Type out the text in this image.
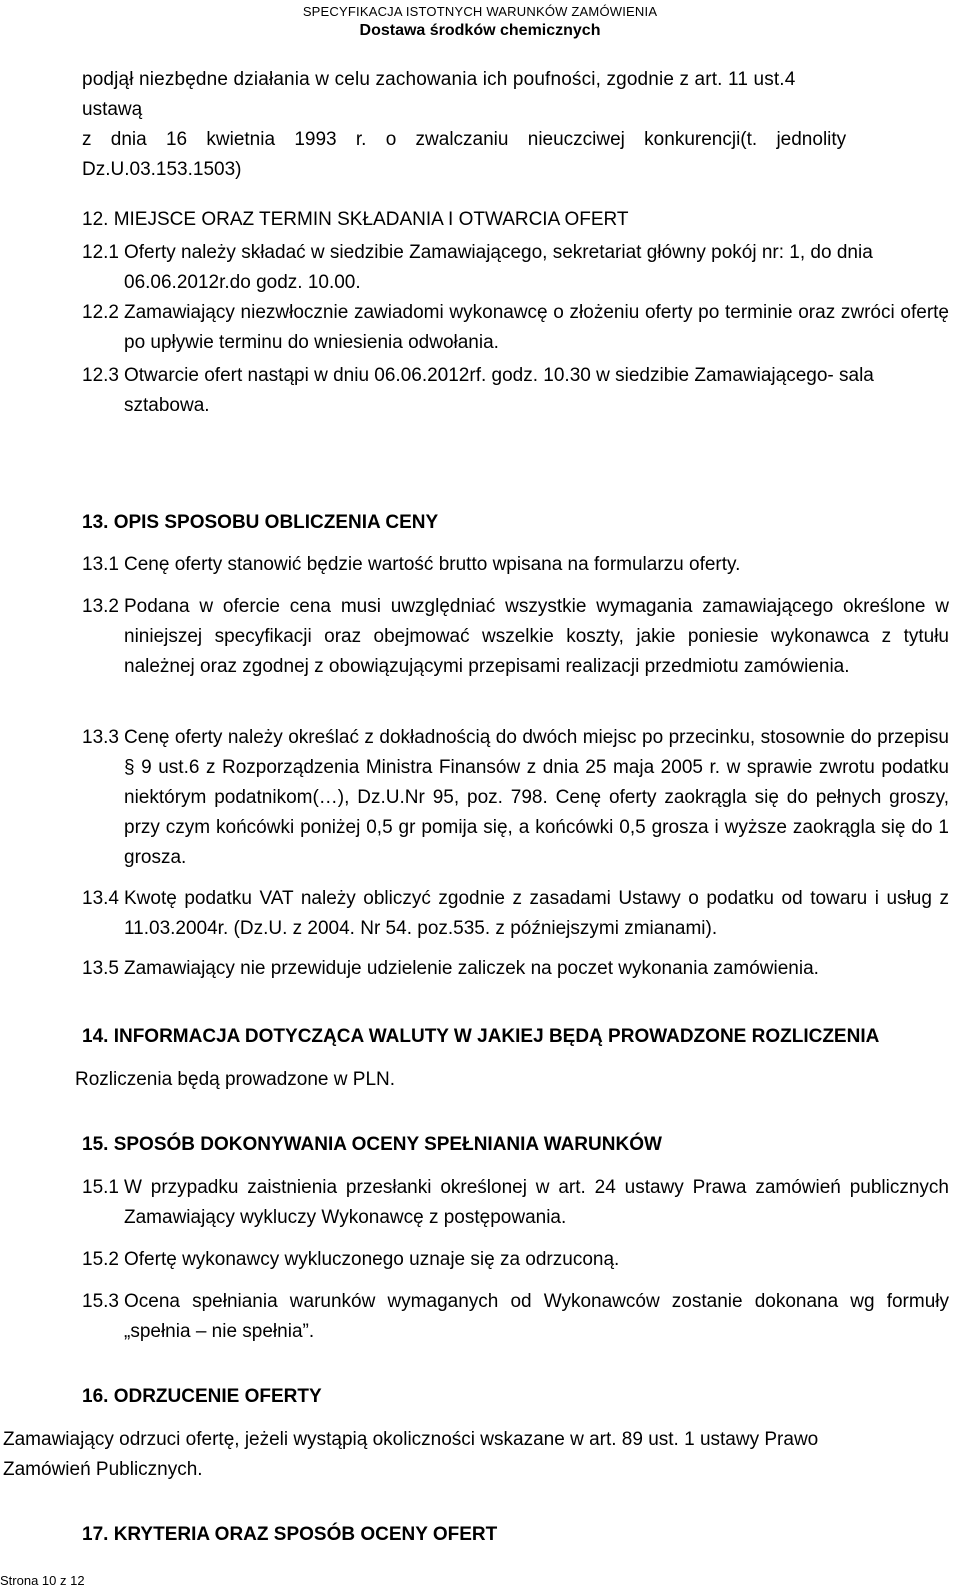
SPECYFIKACJA ISTOTNYCH WARUNKÓW ZAMÓWIENIA
Dostawa środków chemicznych
podjął niezbędne działania w celu zachowania ich poufności, zgodnie z art. 11 ust.4
ustawą
z dnia 16 kwietnia 1993 r. o zwalczaniu nieuczciwej konkurencji(t. jednolity
Dz.U.03.153.1503)
12. MIEJSCE ORAZ TERMIN SKŁADANIA I OTWARCIA OFERT
12.1 Oferty należy składać w siedzibie Zamawiającego, sekretariat główny pokój nr: 1, do dnia 06.06.2012r.do godz. 10.00.
12.2 Zamawiający niezwłocznie zawiadomi wykonawcę o złożeniu oferty po terminie oraz zwróci ofertę po upływie terminu do wniesienia odwołania.
12.3 Otwarcie ofert nastąpi w dniu 06.06.2012rf. godz. 10.30 w siedzibie Zamawiającego- sala sztabowa.
13. OPIS SPOSOBU OBLICZENIA CENY
13.1 Cenę oferty stanowić będzie wartość brutto wpisana na formularzu oferty.
13.2 Podana w ofercie cena musi uwzględniać wszystkie wymagania zamawiającego określone w niniejszej specyfikacji oraz obejmować wszelkie koszty, jakie poniesie wykonawca z tytułu należnej oraz zgodnej z obowiązującymi przepisami realizacji przedmiotu zamówienia.
13.3 Cenę oferty należy określać z dokładnością do dwóch miejsc po przecinku, stosownie do przepisu § 9 ust.6 z Rozporządzenia Ministra Finansów z dnia 25 maja 2005 r. w sprawie zwrotu podatku niektórym podatnikom(…), Dz.U.Nr 95, poz. 798. Cenę oferty zaokrągla się do pełnych groszy, przy czym końcówki poniżej 0,5 gr pomija się, a końcówki 0,5 grosza i wyższe zaokrągla się do 1 grosza.
13.4 Kwotę podatku VAT należy obliczyć zgodnie z zasadami Ustawy o podatku od towaru i usług z 11.03.2004r. (Dz.U. z 2004. Nr 54. poz.535. z późniejszymi zmianami).
13.5 Zamawiający nie przewiduje udzielenie zaliczek na poczet wykonania zamówienia.
14. INFORMACJA DOTYCZĄCA WALUTY W JAKIEJ BĘDĄ PROWADZONE ROZLICZENIA
Rozliczenia będą prowadzone w PLN.
15. SPOSÓB DOKONYWANIA OCENY SPEŁNIANIA WARUNKÓW
15.1 W przypadku zaistnienia przesłanki określonej w art. 24 ustawy Prawa zamówień publicznych Zamawiający wykluczy Wykonawcę z postępowania.
15.2 Ofertę wykonawcy wykluczonego uznaje się za odrzuconą.
15.3 Ocena spełniania warunków wymaganych od Wykonawców zostanie dokonana wg formuły „spełnia – nie spełnia”.
16. ODRZUCENIE OFERTY
Zamawiający odrzuci ofertę, jeżeli wystąpią okoliczności wskazane w art. 89 ust. 1 ustawy Prawo Zamówień Publicznych.
17. KRYTERIA ORAZ SPOSÓB OCENY OFERT
Strona 10 z 12
